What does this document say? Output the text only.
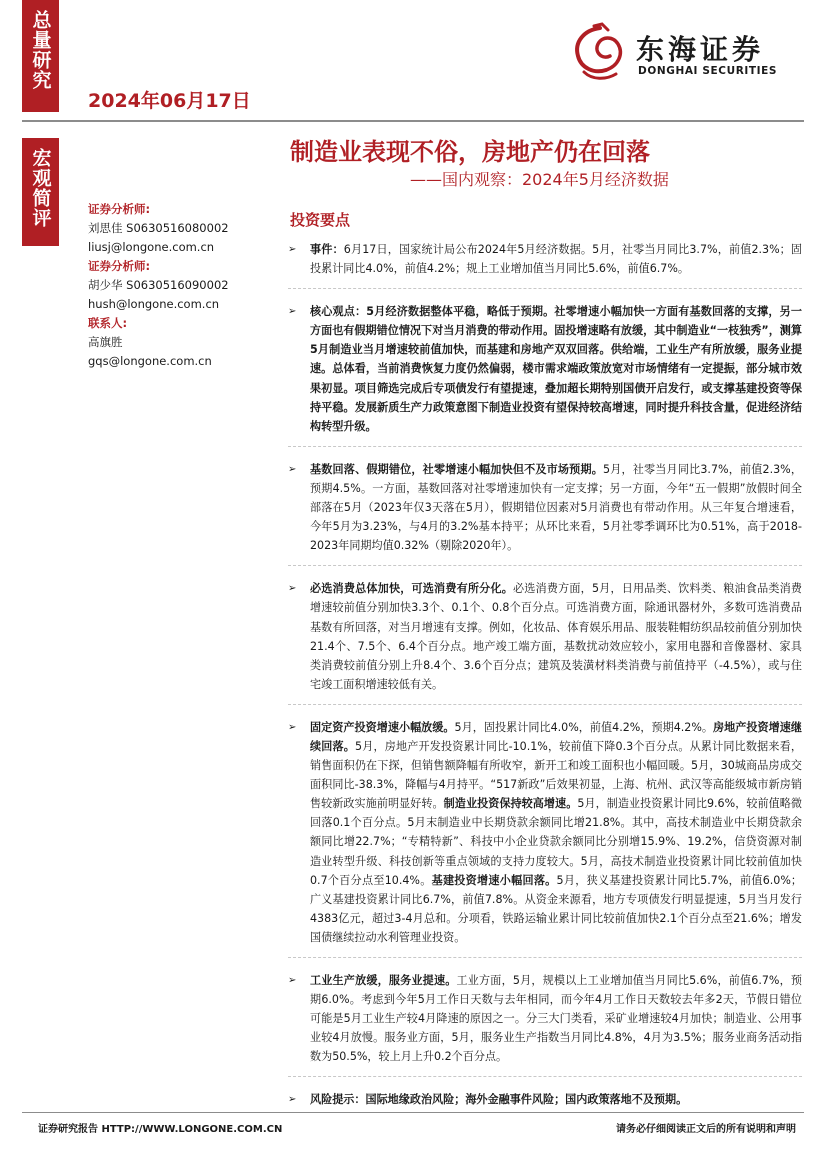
总量研究
2024年06月17日
东海证券
DONGHAI SECURITIES
宏观简评	证券分析师:
刘思佳 S0630516080002
liusj@longone.com.cn
证券分析师:
胡少华 S0630516090002
hush@longone.com.cn
联系人:
高旗胜
gqs@longone.com.cn
制造业表现不俗，房地产仍在回落
——国内观察：2024年5月经济数据
投资要点
➢ 事件：6月17日，国家统计局公布2024年5月经济数据。5月，社零当月同比3.7%，前值2.3%；固投累计同比4.0%，前值4.2%；规上工业增加值当月同比5.6%，前值6.7%。
➢ 核心观点：5月经济数据整体平稳，略低于预期。社零增速小幅加快一方面有基数回落的支撑，另一方面也有假期错位情况下对当月消费的带动作用。固投增速略有放缓，其中制造业“一枝独秀”，测算5月制造业当月增速较前值加快，而基建和房地产双双回落。供给端，工业生产有所放缓，服务业提速。总体看，当前消费恢复力度仍然偏弱，楼市需求端政策放宽对市场情绪有一定提振，部分城市效果初显。项目筛选完成后专项债发行有望提速，叠加超长期特别国债开启发行，或支撑基建投资等保持平稳。发展新质生产力政策意图下制造业投资有望保持较高增速，同时提升科技含量，促进经济结构转型升级。
➢ 基数回落、假期错位，社零增速小幅加快但不及市场预期。5月，社零当月同比3.7%，前值2.3%，预期4.5%。一方面，基数回落对社零增速加快有一定支撑；另一方面，今年“五一假期”放假时间全部落在5月（2023年仅3天落在5月），假期错位因素对5月消费也有带动作用。从三年复合增速看，今年5月为3.23%，与4月的3.2%基本持平；从环比来看，5月社零季调环比为0.51%，高于2018-2023年同期均值0.32%（剔除2020年）。
➢ 必选消费总体加快，可选消费有所分化。必选消费方面，5月，日用品类、饮料类、粮油食品类消费增速较前值分别加快3.3个、0.1个、0.8个百分点。可选消费方面，除通讯器材外，多数可选消费品基数有所回落，对当月增速有支撑。例如，化妆品、体育娱乐用品、服装鞋帽纺织品较前值分别加快21.4个、7.5个、6.4个百分点。地产竣工端方面，基数扰动效应较小，家用电器和音像器材、家具类消费较前值分别上升8.4个、3.6个百分点；建筑及装潢材料类消费与前值持平（-4.5%），或与住宅竣工面积增速较低有关。
➢ 固定资产投资增速小幅放缓。5月，固投累计同比4.0%，前值4.2%，预期4.2%。房地产投资增速继续回落。5月，房地产开发投资累计同比-10.1%，较前值下降0.3个百分点。从累计同比数据来看，销售面积仍在下探，但销售额降幅有所收窄，新开工和竣工面积也小幅回暖。5月，30城商品房成交面积同比-38.3%，降幅与4月持平。“517新政”后效果初显，上海、杭州、武汉等高能级城市新房销售较新政实施前明显好转。制造业投资保持较高增速。5月，制造业投资累计同比9.6%，较前值略微回落0.1个百分点。5月末制造业中长期贷款余额同比增21.8%。其中，高技术制造业中长期贷款余额同比增22.7%；“专精特新”、科技中小企业贷款余额同比分别增15.9%、19.2%，信贷资源对制造业转型升级、科技创新等重点领域的支持力度较大。5月，高技术制造业投资累计同比较前值加快0.7个百分点至10.4%。基建投资增速小幅回落。5月，狭义基建投资累计同比5.7%，前值6.0%；广义基建投资累计同比6.7%，前值7.8%。从资金来源看，地方专项债发行明显提速，5月当月发行4383亿元，超过3-4月总和。分项看，铁路运输业累计同比较前值加快2.1个百分点至21.6%；增发国债继续拉动水利管理业投资。
➢ 工业生产放缓，服务业提速。工业方面，5月，规模以上工业增加值当月同比5.6%，前值6.7%，预期6.0%。考虑到今年5月工作日天数与去年相同，而今年4月工作日天数较去年多2天，节假日错位可能是5月工业生产较4月降速的原因之一。分三大门类看，采矿业增速较4月加快；制造业、公用事业较4月放慢。服务业方面，5月，服务业生产指数当月同比4.8%，4月为3.5%；服务业商务活动指数为50.5%，较上月上升0.2个百分点。
➢ 风险提示：国际地缘政治风险；海外金融事件风险；国内政策落地不及预期。
证券研究报告 HTTP://WWW.LONGONE.COM.CN	请务必仔细阅读正文后的所有说明和声明
